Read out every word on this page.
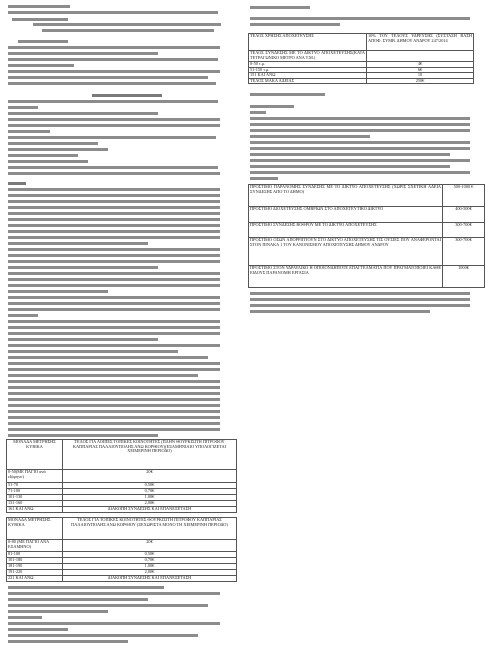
ΜΟΝΑΔΑ ΜΕΤΡΗΣΗΣ ΚΥΒΙΚΑ	ΤΕΛΟΣ ΓΙΑ ΛΟΙΠΕΣ ΤΟΠΙΚΕΣ ΚΟΙΝΟΤΗΤΕΣ (ΠΛΗΝ ΘΟΥΡΚΙΣΙΤΗ ΠΙΤΡΟΦΟΥ ΚΑΠΠΑΡΙΑΣ ΠΑΛΑΙΟΥΠΟΛΗΣ ΑΝΩ ΚΟΡΘΙΟΥ)(ΕΞΑΜΗΝΙΑΙΟ ΥΠΟΛΟΓΙΖΕΤΑΙ ΧΕΙΜΕΡΙΝΗ ΠΕΡΙΟΔΟ)
0-50(ΜΕ ΠΑΓΙΟ ανά εξάμηνο)	20€
51-70	0,50€
71-100	0,70€
101-130	1,00€
131-160	2,00€
161 ΚΑΙ ΑΝΩ	ΔΙΑΚΟΠΗ ΣΥΝΔΕΣΗΣ ΚΑΙ ΕΠΑΝΕΞΕΤΑΣΗ
ΜΟΝΑΔΑ ΜΕΤΡΗΣΗΣ ΚΥΒΙΚΑ	ΤΕΛΟΣ ΓΙΑ ΤΟΠΙΚΕΣ ΚΟΙΝΟΤΗΤΕΣ ΘΟΥΡΚΙΣΙΤΗ ΠΙΤΡΟΦΟΥ ΚΑΠΠΑΡΙΑΣ ΠΑΛΑΙΟΥΠΟΛΗΣ ΑΝΩ ΚΟΡΘΙΟΥ (ΞΕΧΩΡΙΣΤΑ ΜΟΝΟ ΤΗ ΧΕΙΜΕΡΙΝΗ ΠΕΡΙΟΔΟ)
0-80 (ΜΕ ΠΑΓΙΟ ΑΝΑ ΕΞΑΜΗΝΟ)	20€
81-100	0,50€
101-180	0,70€
181-190	1,00€
191-220	2,00€
221 ΚΑΙ ΑΝΩ	ΔΙΑΚΟΠΗ ΣΥΝΔΕΣΗΣ ΚΑΙ ΕΠΑΝΕΞΕΤΑΣΗ
ΤΕΛΟΣ ΧΡΗΣΗΣ ΑΠΟΧΕΤΕΥΣΗΣ	10% ΤΟΥ ΤΕΛΟΥΣ ΥΔΡΕΥΣΗΣ (ΣΥΣΤΑΣΗ ΒΑΣΗ ΑΠΟΦ. ΣΥΜΒ. ΔΗΜΟΥ ΑΝΔΡΟΥ 247/2014
ΤΕΛΟΣ ΣΥΝΔΕΣΗΣ ΜΕ ΤΟ ΔΙΚΤΥΟ ΑΠΟΧΕΤΕΥΣΗΣ(ΚΑΤΑ ΤΕΤΡΑΓΩΝΙΚΟ ΜΕΤΡΟ ΑΝΑ Τ.Μ.)	
0-50 τ.μ.	4€
51-150 τ.μ.	6€
151 ΚΑΙ ΑΝΩ	10
ΤΕΛΟΣ ΜΑΚΑ ΑΔΕΙΑΣ	250€
ΠΡΟΣΤΙΜΟ ΠΑΡΑΝΟΜΗΣ ΣΥΝΔΕΣΗΣ ΜΕ ΤΟ ΔΙΚΤΥΟ ΑΠΟΧΕΤΕΥΣΗΣ (ΧΩΡΙΣ ΣΧΕΤΙΚΗ ΑΔΕΙΑ ΣΥΝΔΕΣΗΣ ΑΠΟ ΤΟ ΔΗΜΟ)	500-1000 €
ΠΡΟΣΤΙΜΟ ΔΙΟΧΕΤΕΥΣΗΣ ΟΜΒΡΙΩΝ ΣΤΟ ΑΠΟΧΕΤΕΥΤΙΚΟ ΔΙΚΤΥΟ	400-500€
ΠΡΟΣΤΙΜΟ ΣΥΝΔΕΣΗΣ ΒΟΘΡΟΥ ΜΕ ΤΟ ΔΙΚΤΥΟ ΑΠΟΧΕΤΕΥΣΗΣ	300-700€
ΠΡΟΣΤΙΜΟ ΟΣΩΝ ΑΠΟΡΡΙΠΤΟΥΝ ΣΤΟ ΔΙΚΤΥΟ ΑΠΟΧΕΤΕΥΣΗΣ ΤΙΣ ΟΥΣΙΕΣ ΠΟΥ ΑΝΑΦΕΡΟΝΤΑΙ ΣΤΟΝ ΠΙΝΑΚΑ 1 ΤΟΥ ΚΑΝΟΝΙΣΜΟΥ ΑΠΟΧΕΤΕΥΣΗΣ ΔΗΜΟΥ ΑΝΔΡΟΥ	300-700€
ΠΡΟΣΤΙΜΟ ΣΤΟΝ ΥΔΡΑΥΛΙΚΟ Η ΟΠΟΙΟΝΔΗΠΟΤΕ ΕΠΑΓΓΕΛΜΑΤΙΑ ΠΟΥ ΠΡΑΓΜΑΤΟΠΟΙΕΙ ΚΑΘΕ ΕΙΔΟΥΣ ΠΑΡΑΝΟΜΗ ΕΡΓΑΣΙΑ	1000€
